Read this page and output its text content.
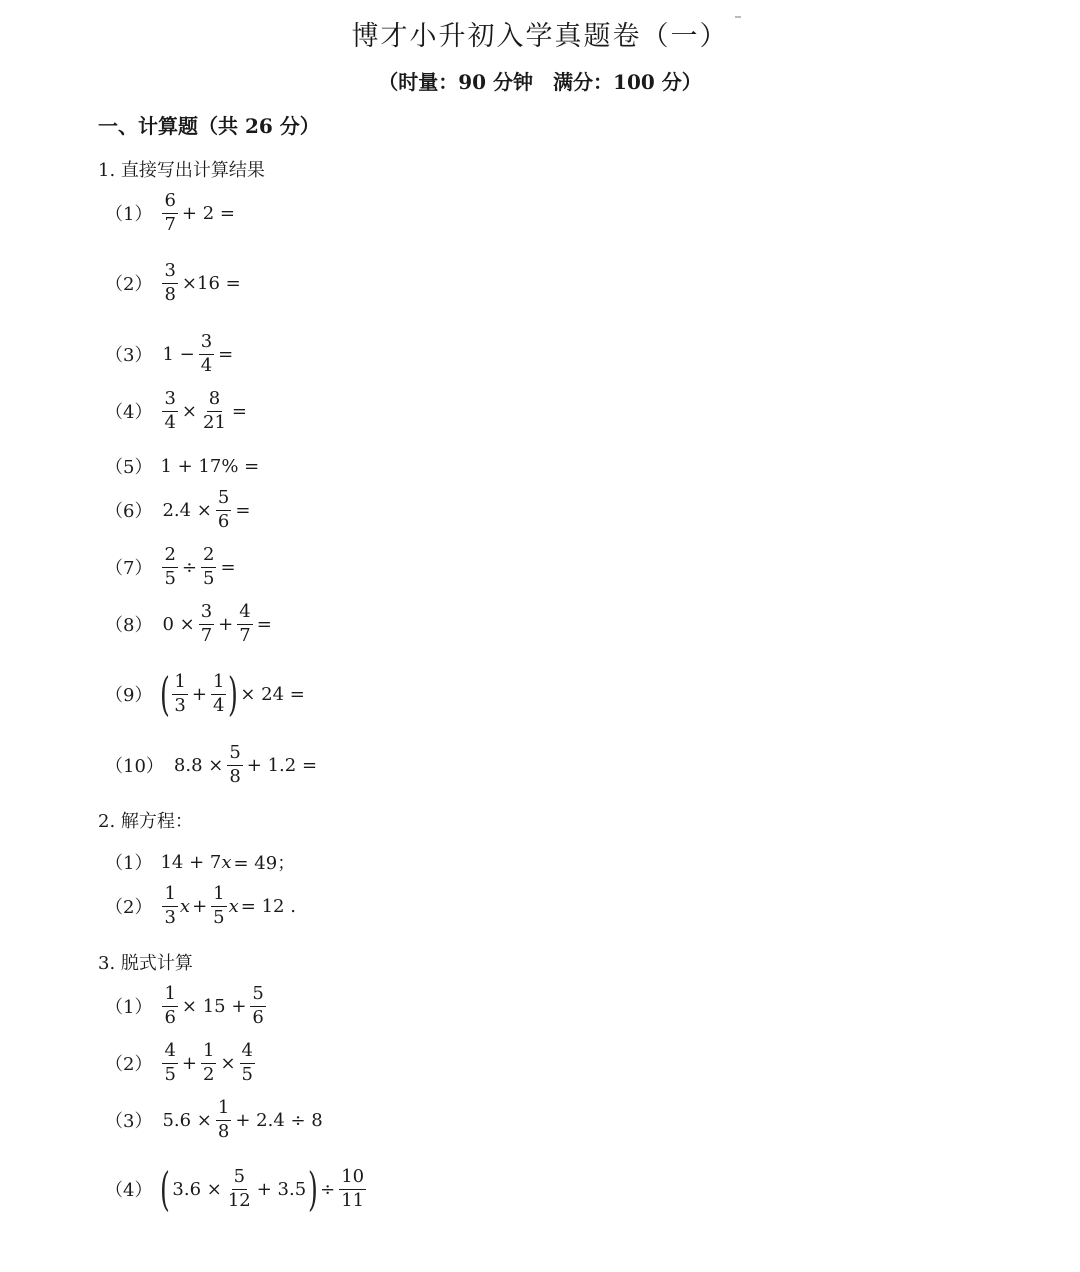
博才小升初入学真题卷（一）
（时量：90 分钟　满分：100 分）
一、计算题（共 26 分）
1. 直接写出计算结果
$(1) \frac{6}{7} + 2$ =
$(2) \frac{3}{8} \times 16$ =
（3） $1 - \frac{3}{4}$ =
$(4) \frac{3}{4} \times \frac{8}{21}$ =
（5） 1 + 17% =
（6） $2.4 \times \frac{5}{6}$ =
$(7) \frac{2}{5} \div \frac{2}{5}$ =
（8） $0 \times \frac{3}{7} + \frac{4}{7}$ =
（9） ( $\frac{1}{3} + \frac{1}{4}$ ) × 24 =
（10） $8.8 \times \frac{5}{8} + 1.2$ =
2. 解方程：
（1） 14 + 7 x = 49；
$(2) \frac{1}{3}$ $x + \frac{1}{5}$ x = 12 .
3. 脱式计算
$(1) \frac{1}{6} \times 15 + \frac{5}{6}$
$(2) \frac{4}{5} + \frac{1}{2} \times \frac{4}{5}$
（3） $5.6 \times \frac{1}{8} + 2.4 \div 8$
（4） ( $3.6 \times \frac{5}{12} + 3.5$ ) ÷ $\frac{10}{11}$
